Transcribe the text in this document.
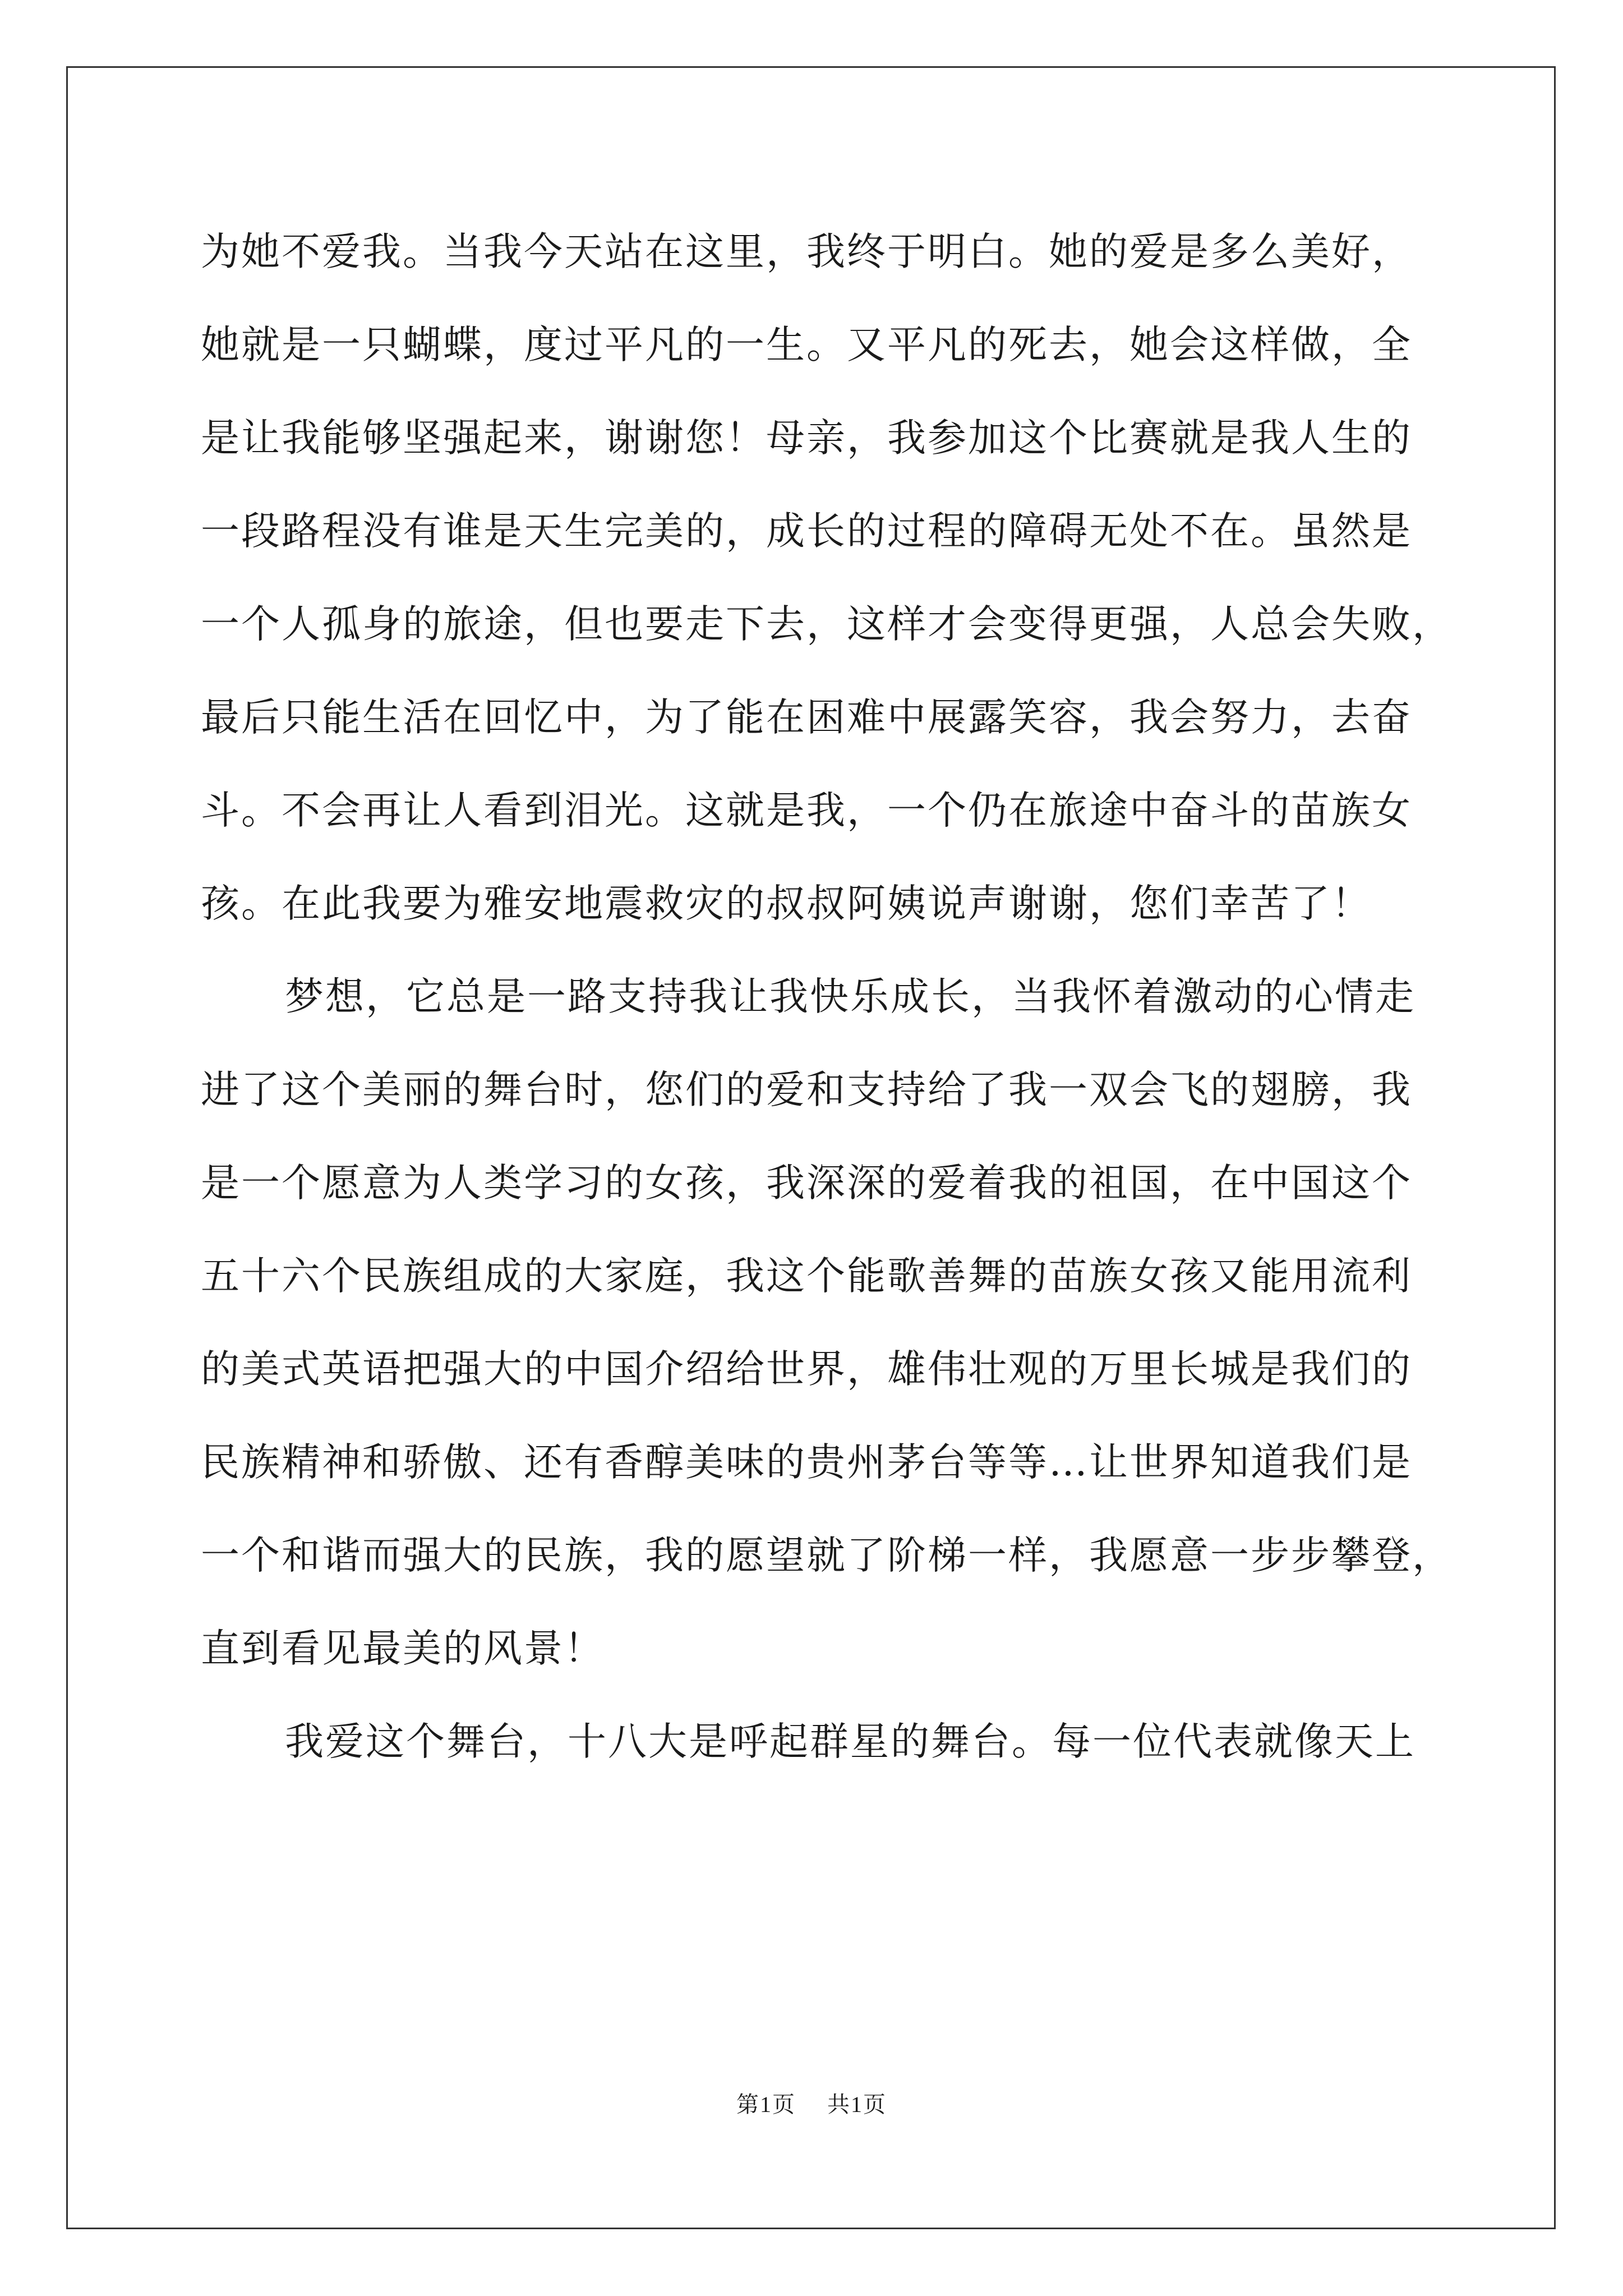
为她不爱我。当我今天站在这里，我终于明白。她的爱是多么美好，
她就是一只蝴蝶，度过平凡的一生。又平凡的死去，她会这样做，全
是让我能够坚强起来，谢谢您！母亲，我参加这个比赛就是我人生的
一段路程没有谁是天生完美的，成长的过程的障碍无处不在。虽然是
一个人孤身的旅途，但也要走下去，这样才会变得更强，人总会失败，
最后只能生活在回忆中，为了能在困难中展露笑容，我会努力，去奋
斗。不会再让人看到泪光。这就是我，一个仍在旅途中奋斗的苗族女
孩。在此我要为雅安地震救灾的叔叔阿姨说声谢谢，您们幸苦了！
梦想，它总是一路支持我让我快乐成长，当我怀着激动的心情走
进了这个美丽的舞台时，您们的爱和支持给了我一双会飞的翅膀，我
是一个愿意为人类学习的女孩，我深深的爱着我的祖国，在中国这个
五十六个民族组成的大家庭，我这个能歌善舞的苗族女孩又能用流利
的美式英语把强大的中国介绍给世界，雄伟壮观的万里长城是我们的
民族精神和骄傲、还有香醇美味的贵州茅台等等…让世界知道我们是
一个和谐而强大的民族，我的愿望就了阶梯一样，我愿意一步步攀登，
直到看见最美的风景！
我爱这个舞台，十八大是呼起群星的舞台。每一位代表就像天上
第1页 共1页
